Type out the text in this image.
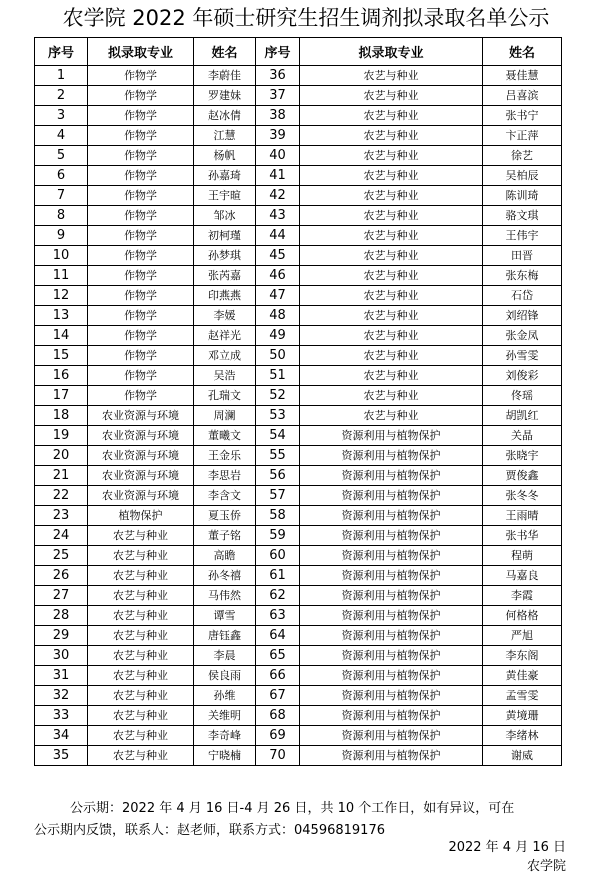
农学院 2022 年硕士研究生招生调剂拟录取名单公示
序号	拟录取专业	姓名	序号	拟录取专业	姓名
1	作物学	李蔚佳	36	农艺与种业	聂佳慧
2	作物学	罗建妹	37	农艺与种业	吕喜滨
3	作物学	赵冰倩	38	农艺与种业	张书宁
4	作物学	江慧	39	农艺与种业	卞正萍
5	作物学	杨帆	40	农艺与种业	徐艺
6	作物学	孙嘉琦	41	农艺与种业	吴柏辰
7	作物学	王宇暄	42	农艺与种业	陈训琦
8	作物学	邹冰	43	农艺与种业	骆文琪
9	作物学	初柯瑾	44	农艺与种业	王伟宇
10	作物学	孙梦琪	45	农艺与种业	田晋
11	作物学	张芮嘉	46	农艺与种业	张东梅
12	作物学	印燕燕	47	农艺与种业	石岱
13	作物学	李媛	48	农艺与种业	刘绍锋
14	作物学	赵祥光	49	农艺与种业	张金凤
15	作物学	邓立成	50	农艺与种业	孙雪雯
16	作物学	吴浩	51	农艺与种业	刘俊彩
17	作物学	孔瑞文	52	农艺与种业	佟瑶
18	农业资源与环境	周澜	53	农艺与种业	胡凯红
19	农业资源与环境	董曦文	54	资源利用与植物保护	关晶
20	农业资源与环境	王金乐	55	资源利用与植物保护	张晓宇
21	农业资源与环境	李思岩	56	资源利用与植物保护	贾俊鑫
22	农业资源与环境	李含文	57	资源利用与植物保护	张冬冬
23	植物保护	夏玉侨	58	资源利用与植物保护	王雨晴
24	农艺与种业	董子铭	59	资源利用与植物保护	张书华
25	农艺与种业	高瞻	60	资源利用与植物保护	程萌
26	农艺与种业	孙冬禧	61	资源利用与植物保护	马嘉良
27	农艺与种业	马伟然	62	资源利用与植物保护	李霞
28	农艺与种业	谭雪	63	资源利用与植物保护	何格格
29	农艺与种业	唐钰鑫	64	资源利用与植物保护	严旭
30	农艺与种业	李晨	65	资源利用与植物保护	李东阁
31	农艺与种业	侯良雨	66	资源利用与植物保护	黄佳豪
32	农艺与种业	孙维	67	资源利用与植物保护	孟雪雯
33	农艺与种业	关维明	68	资源利用与植物保护	黄境珊
34	农艺与种业	李奇峰	69	资源利用与植物保护	李绪林
35	农艺与种业	宁晓楠	70	资源利用与植物保护	谢威

公示期：2022 年 4 月 16 日-4 月 26 日，共 10 个工作日，如有异议，可在

公示期内反馈，联系人：赵老师，联系方式：04596819176

2022 年 4 月 16 日
农学院
